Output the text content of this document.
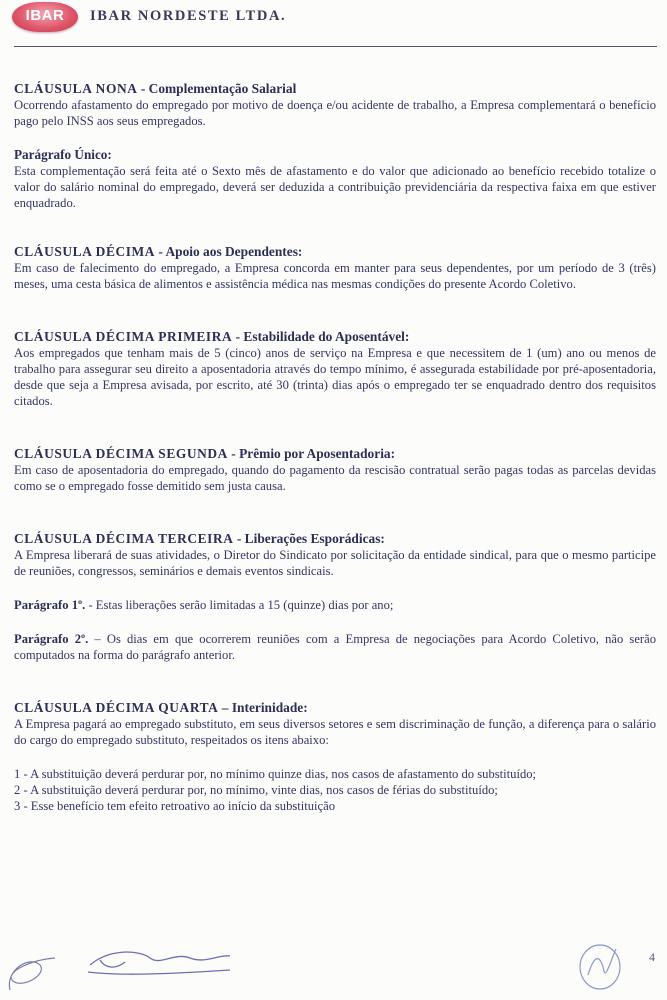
IBAR	IBAR NORDESTE LTDA.

CLÁUSULA NONA - Complementação Salarial

Ocorrendo afastamento do empregado por motivo de doença e/ou acidente de trabalho, a Empresa complementará o benefício pago pelo INSS aos seus empregados.

Parágrafo Único:

Esta complementação será feita até o Sexto mês de afastamento e do valor que adicionado ao benefício recebido totalize o valor do salário nominal do empregado, deverá ser deduzida a contribuição previdenciária da respectiva faixa em que estiver enquadrado.

CLÁUSULA DÉCIMA - Apoio aos Dependentes:

Em caso de falecimento do empregado, a Empresa concorda em manter para seus dependentes, por um período de 3 (três) meses, uma cesta básica de alimentos e assistência médica nas mesmas condições do presente Acordo Coletivo.

CLÁUSULA DÉCIMA PRIMEIRA - Estabilidade do Aposentável:

Aos empregados que tenham mais de 5 (cinco) anos de serviço na Empresa e que necessitem de 1 (um) ano ou menos de trabalho para assegurar seu direito a aposentadoria através do tempo mínimo, é assegurada estabilidade por pré-aposentadoria, desde que seja a Empresa avisada, por escrito, até 30 (trinta) dias após o empregado ter se enquadrado dentro dos requisitos citados.

CLÁUSULA DÉCIMA SEGUNDA - Prêmio por Aposentadoria:

Em caso de aposentadoria do empregado, quando do pagamento da rescisão contratual serão pagas todas as parcelas devidas como se o empregado fosse demitido sem justa causa.

CLÁUSULA DÉCIMA TERCEIRA - Liberações Esporádicas:

A Empresa liberará de suas atividades, o Diretor do Sindicato por solicitação da entidade sindical, para que o mesmo participe de reuniões, congressos, seminários e demais eventos sindicais.

Parágrafo 1º. - Estas liberações serão limitadas a 15 (quinze) dias por ano;

Parágrafo 2º. – Os dias em que ocorrerem reuniões com a Empresa de negociações para Acordo Coletivo, não serão computados na forma do parágrafo anterior.

CLÁUSULA DÉCIMA QUARTA – Interinidade:

A Empresa pagará ao empregado substituto, em seus diversos setores e sem discriminação de função, a diferença para o salário do cargo do empregado substituto, respeitados os itens abaixo:

1 - A substituição deverá perdurar por, no mínimo quinze dias, nos casos de afastamento do substituído;

2 - A substituição deverá perdurar por, no mínimo, vinte dias, nos casos de férias do substituído;

3 - Esse benefício tem efeito retroativo ao início da substituição

4
